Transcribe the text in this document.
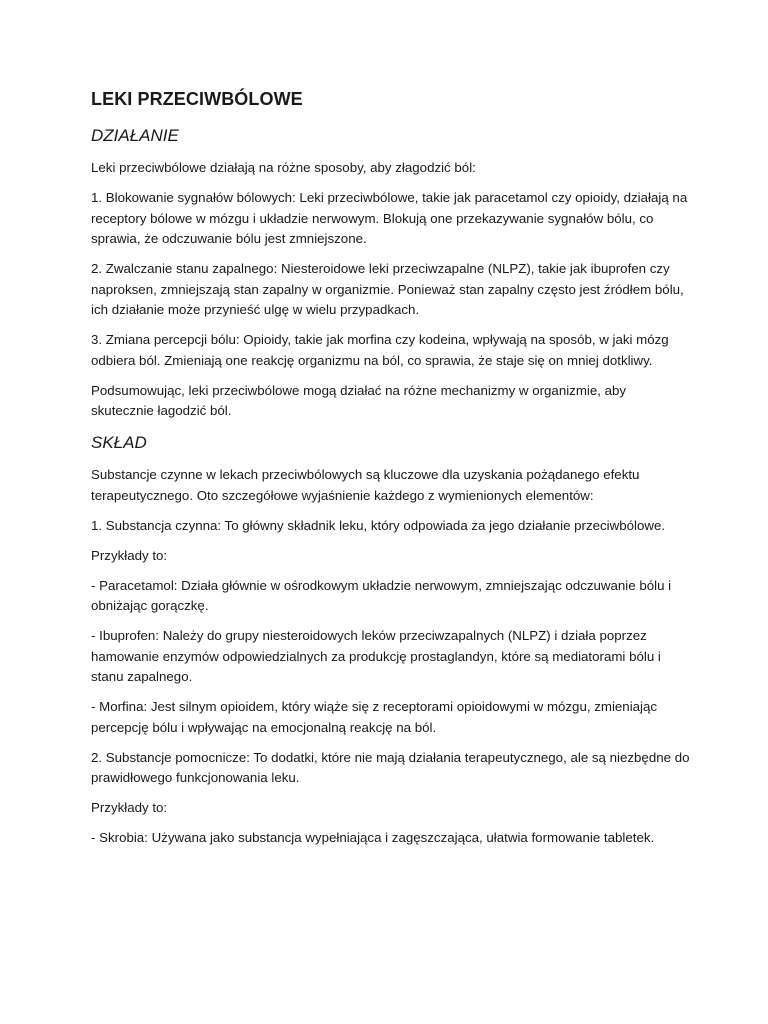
LEKI PRZECIWBÓLOWE
DZIAŁANIE

Leki przeciwbólowe działają na różne sposoby, aby złagodzić ból:

1. Blokowanie sygnałów bólowych: Leki przeciwbólowe, takie jak paracetamol czy opioidy, działają na receptory bólowe w mózgu i układzie nerwowym. Blokują one przekazywanie sygnałów bólu, co sprawia, że odczuwanie bólu jest zmniejszone.

2. Zwalczanie stanu zapalnego: Niesteroidowe leki przeciwzapalne (NLPZ), takie jak ibuprofen czy naproksen, zmniejszają stan zapalny w organizmie. Ponieważ stan zapalny często jest źródłem bólu, ich działanie może przynieść ulgę w wielu przypadkach.

3. Zmiana percepcji bólu: Opioidy, takie jak morfina czy kodeina, wpływają na sposób, w jaki mózg odbiera ból. Zmieniają one reakcję organizmu na ból, co sprawia, że staje się on mniej dotkliwy.

Podsumowując, leki przeciwbólowe mogą działać na różne mechanizmy w organizmie, aby skutecznie łagodzić ból.

SKŁAD

Substancje czynne w lekach przeciwbólowych są kluczowe dla uzyskania pożądanego efektu terapeutycznego. Oto szczegółowe wyjaśnienie każdego z wymienionych elementów:

1. Substancja czynna: To główny składnik leku, który odpowiada za jego działanie przeciwbólowe.

Przykłady to:

- Paracetamol: Działa głównie w ośrodkowym układzie nerwowym, zmniejszając odczuwanie bólu i obniżając gorączkę.

- Ibuprofen: Należy do grupy niesteroidowych leków przeciwzapalnych (NLPZ) i działa poprzez hamowanie enzymów odpowiedzialnych za produkcję prostaglandyn, które są mediatorami bólu i stanu zapalnego.

- Morfina: Jest silnym opioidem, który wiąże się z receptorami opioidowymi w mózgu, zmieniając percepcję bólu i wpływając na emocjonalną reakcję na ból.

2. Substancje pomocnicze: To dodatki, które nie mają działania terapeutycznego, ale są niezbędne do prawidłowego funkcjonowania leku.

Przykłady to:

- Skrobia: Używana jako substancja wypełniająca i zagęszczająca, ułatwia formowanie tabletek.
